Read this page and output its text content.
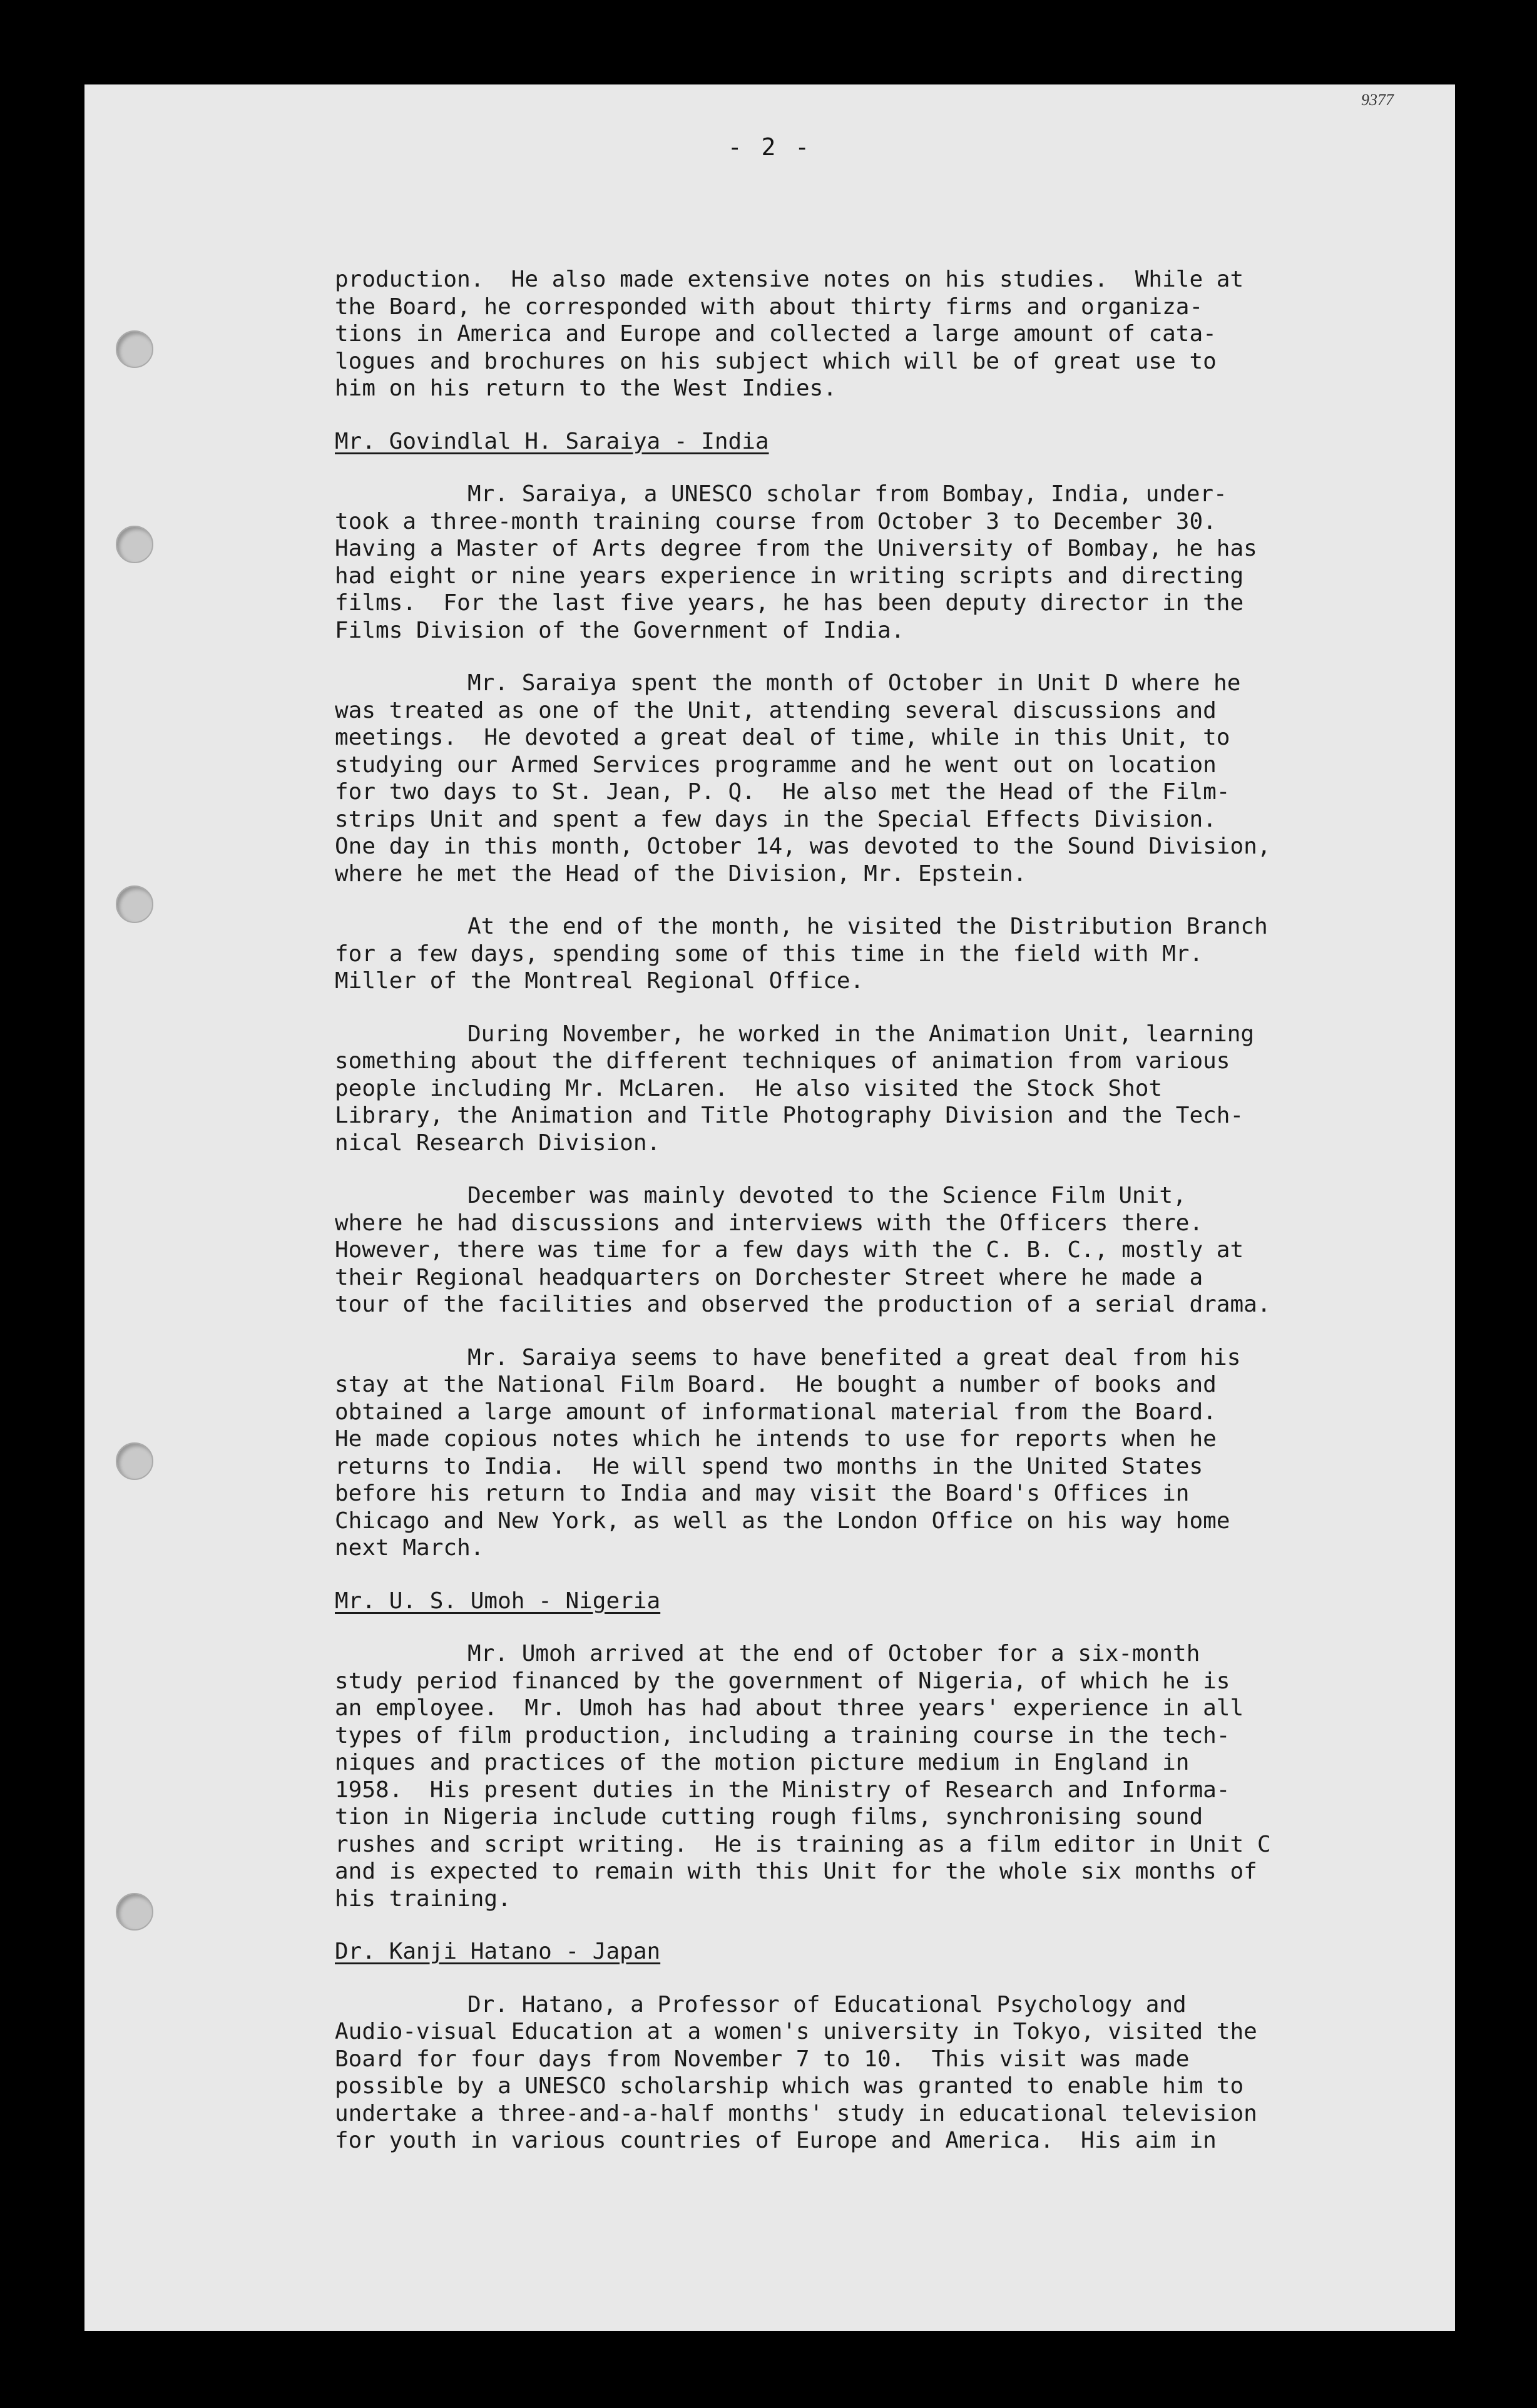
9377
- 2 -
production.  He also made extensive notes on his studies.  While at
the Board, he corresponded with about thirty firms and organiza-
tions in America and Europe and collected a large amount of cata-
logues and brochures on his subject which will be of great use to
him on his return to the West Indies.
Mr. Govindlal H. Saraiya - India
Mr. Saraiya, a UNESCO scholar from Bombay, India, under-
took a three-month training course from October 3 to December 30.
Having a Master of Arts degree from the University of Bombay, he has
had eight or nine years experience in writing scripts and directing
films.  For the last five years, he has been deputy director in the
Films Division of the Government of India.
Mr. Saraiya spent the month of October in Unit D where he
was treated as one of the Unit, attending several discussions and
meetings.  He devoted a great deal of time, while in this Unit, to
studying our Armed Services programme and he went out on location
for two days to St. Jean, P. Q.  He also met the Head of the Film-
strips Unit and spent a few days in the Special Effects Division.
One day in this month, October 14, was devoted to the Sound Division,
where he met the Head of the Division, Mr. Epstein.
At the end of the month, he visited the Distribution Branch
for a few days, spending some of this time in the field with Mr.
Miller of the Montreal Regional Office.
During November, he worked in the Animation Unit, learning
something about the different techniques of animation from various
people including Mr. McLaren.  He also visited the Stock Shot
Library, the Animation and Title Photography Division and the Tech-
nical Research Division.
December was mainly devoted to the Science Film Unit,
where he had discussions and interviews with the Officers there.
However, there was time for a few days with the C. B. C., mostly at
their Regional headquarters on Dorchester Street where he made a
tour of the facilities and observed the production of a serial drama.
Mr. Saraiya seems to have benefited a great deal from his
stay at the National Film Board.  He bought a number of books and
obtained a large amount of informational material from the Board.
He made copious notes which he intends to use for reports when he
returns to India.  He will spend two months in the United States
before his return to India and may visit the Board's Offices in
Chicago and New York, as well as the London Office on his way home
next March.
Mr. U. S. Umoh - Nigeria
Mr. Umoh arrived at the end of October for a six-month
study period financed by the government of Nigeria, of which he is
an employee.  Mr. Umoh has had about three years' experience in all
types of film production, including a training course in the tech-
niques and practices of the motion picture medium in England in
1958.  His present duties in the Ministry of Research and Informa-
tion in Nigeria include cutting rough films, synchronising sound
rushes and script writing.  He is training as a film editor in Unit C
and is expected to remain with this Unit for the whole six months of
his training.
Dr. Kanji Hatano - Japan
Dr. Hatano, a Professor of Educational Psychology and
Audio-visual Education at a women's university in Tokyo, visited the
Board for four days from November 7 to 10.  This visit was made
possible by a UNESCO scholarship which was granted to enable him to
undertake a three-and-a-half months' study in educational television
for youth in various countries of Europe and America.  His aim in
